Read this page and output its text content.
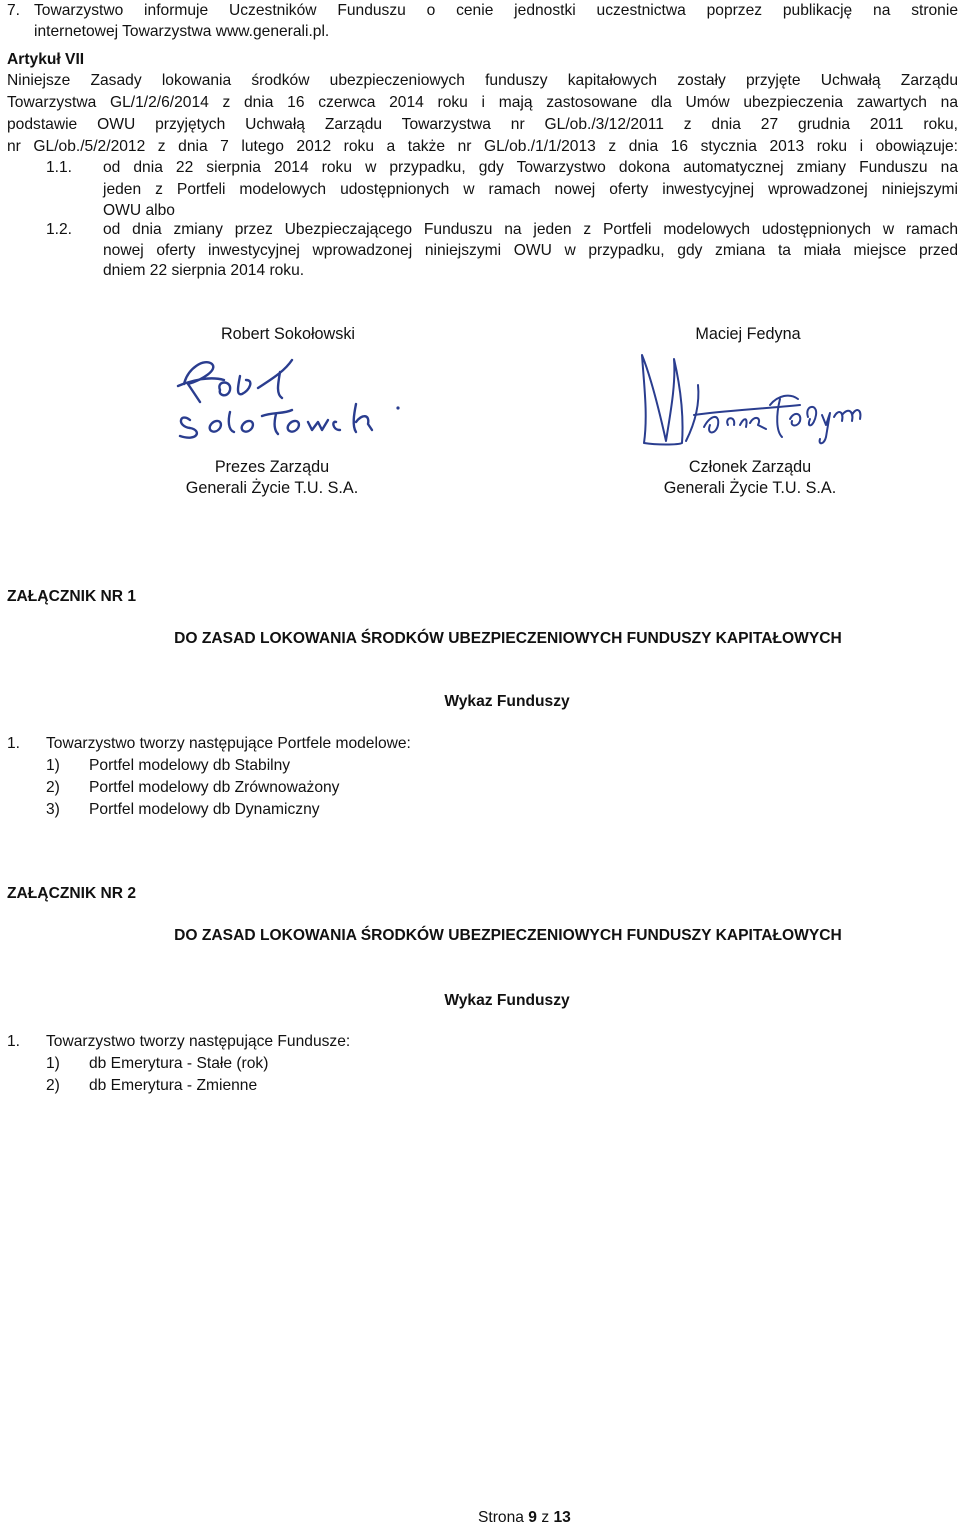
7. Towarzystwo informuje Uczestników Funduszu o cenie jednostki uczestnictwa poprzez publikację na stronie
internetowej Towarzystwa www.generali.pl.
Artykuł VII
Niniejsze Zasady lokowania środków ubezpieczeniowych funduszy kapitałowych zostały przyjęte Uchwałą Zarządu
Towarzystwa GL/1/2/6/2014 z dnia 16 czerwca 2014 roku i mają zastosowane dla Umów ubezpieczenia zawartych na
podstawie OWU przyjętych Uchwałą Zarządu Towarzystwa nr GL/ob./3/12/2011 z dnia 27 grudnia 2011 roku,
nr GL/ob./5/2/2012 z dnia 7 lutego 2012 roku a także nr GL/ob./1/1/2013 z dnia 16 stycznia 2013 roku i obowiązuje:
1.1. od dnia 22 sierpnia 2014 roku w przypadku, gdy Towarzystwo dokona automatycznej zmiany Funduszu na
jeden z Portfeli modelowych udostępnionych w ramach nowej oferty inwestycyjnej wprowadzonej niniejszymi
OWU albo
1.2. od dnia zmiany przez Ubezpieczającego Funduszu na jeden z Portfeli modelowych udostępnionych w ramach
nowej oferty inwestycyjnej wprowadzonej niniejszymi OWU w przypadku, gdy zmiana ta miała miejsce przed
dniem 22 sierpnia 2014 roku.
Robert Sokołowski	Maciej Fedyna
Prezes Zarządu
Generali Życie T.U. S.A.
Członek Zarządu
Generali Życie T.U. S.A.
ZAŁĄCZNIK NR 1
DO ZASAD LOKOWANIA ŚRODKÓW UBEZPIECZENIOWYCH FUNDUSZY KAPITAŁOWYCH
Wykaz Funduszy
1. Towarzystwo tworzy następujące Portfele modelowe:
1) Portfel modelowy db Stabilny
2) Portfel modelowy db Zrównoważony
3) Portfel modelowy db Dynamiczny
ZAŁĄCZNIK NR 2
DO ZASAD LOKOWANIA ŚRODKÓW UBEZPIECZENIOWYCH FUNDUSZY KAPITAŁOWYCH
Wykaz Funduszy
1. Towarzystwo tworzy następujące Fundusze:
1) db Emerytura - Stałe (rok)
2) db Emerytura - Zmienne
Strona 9 z 13
